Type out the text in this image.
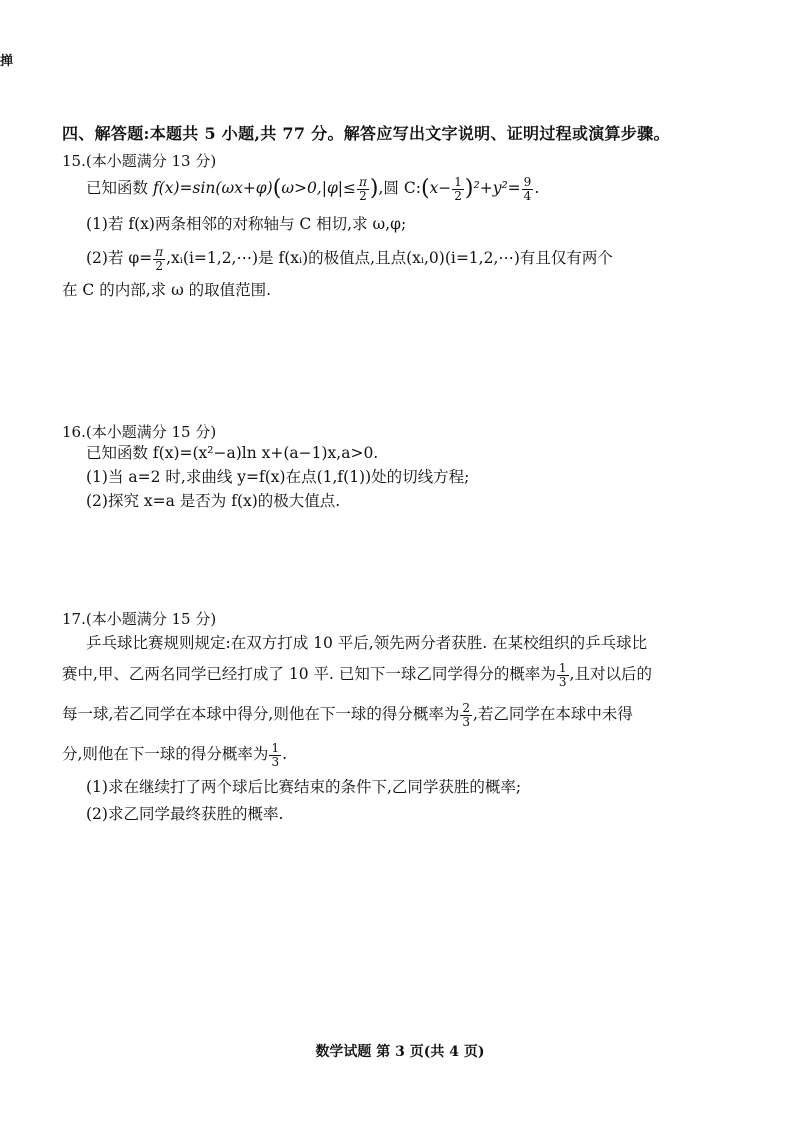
掸
四、解答题:本题共 5 小题,共 77 分。解答应写出文字说明、证明过程或演算步骤。
15.(本小题满分 13 分)
已知函数 $f(x)=\sin(\omega x+\varphi)(\omega>0,|\varphi|\le \frac{\pi}{2}$ ),圆 C:(x− $\frac{1}{2} )^2+y^2= \frac{9}{4}$ .
(1)若 f(x)两条相邻的对称轴与 C 相切,求 ω,φ;
(2)若 $\varphi= \frac{\pi}{2}$ ,xᵢ(i=1,2,⋯)是 f(xᵢ)的极值点,且点(xᵢ,0)(i=1,2,⋯)有且仅有两个
在 C 的内部,求 ω 的取值范围.
16.(本小题满分 15 分)
已知函数 f(x)=(x²−a)ln x+(a−1)x,a>0.
(1)当 a=2 时,求曲线 y=f(x)在点(1,f(1))处的切线方程;
(2)探究 x=a 是否为 f(x)的极大值点.
17.(本小题满分 15 分)
乒乓球比赛规则规定:在双方打成 10 平后,领先两分者获胜. 在某校组织的乒乓球比
赛中,甲、乙两名同学已经打成了 10 平. 已知下一球乙同学得分的概率为 $\frac{1}{3}$ ,且对以后的
每一球,若乙同学在本球中得分,则他在下一球的得分概率为 $\frac{2}{3}$ ,若乙同学在本球中未得
分,则他在下一球的得分概率为 $\frac{1}{3}$ .
(1)求在继续打了两个球后比赛结束的条件下,乙同学获胜的概率;
(2)求乙同学最终获胜的概率.
数学试题 第 3 页(共 4 页)
